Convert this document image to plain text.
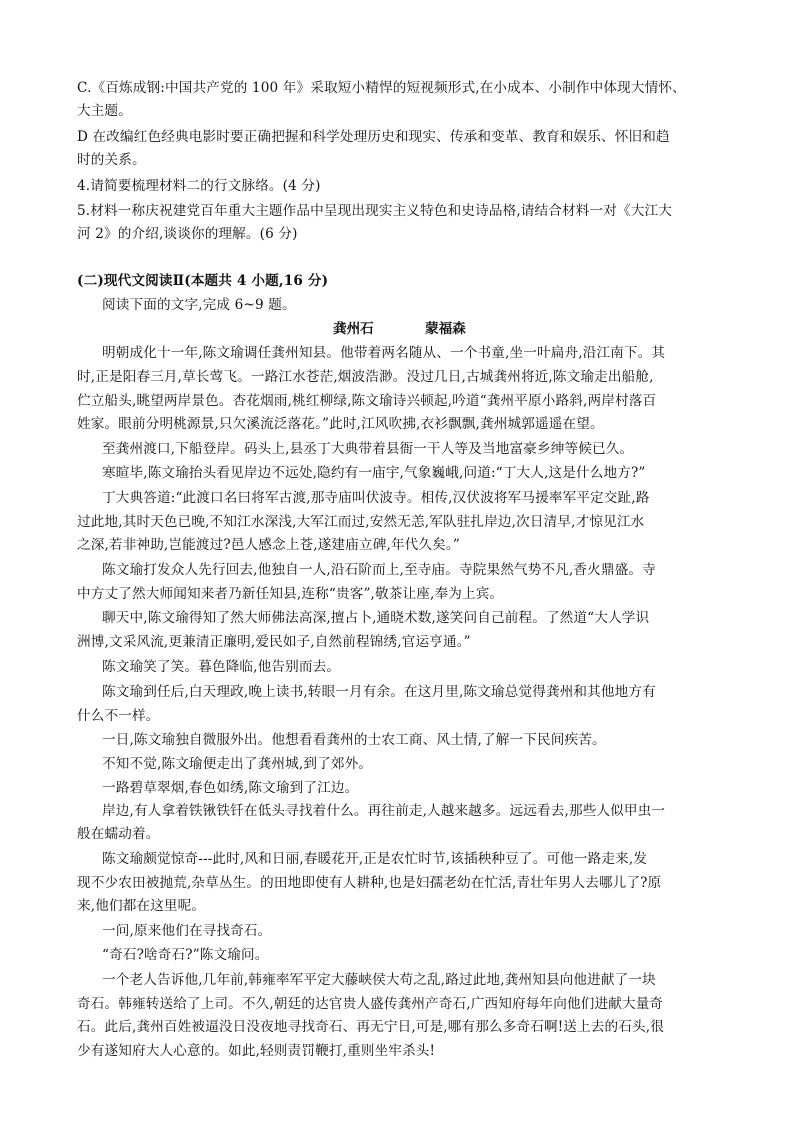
C.《百炼成钢:中国共产党的 100 年》采取短小精悍的短视频形式,在小成本、小制作中体现大情怀、
大主题。
D 在改编红色经典电影时要正确把握和科学处理历史和现实、传承和变革、教育和娱乐、怀旧和趋
时的关系。
4.请简要梳理材料二的行文脉络。(4 分)
5.材料一称庆祝建党百年重大主题作品中呈现出现实主义特色和史诗品格,请结合材料一对《大江大
河 2》的介绍,谈谈你的理解。(6 分)
(二)现代文阅读Ⅱ(本题共 4 小题,16 分)
阅读下面的文字,完成 6~9 题。
龚州石	蒙福森
明朝成化十一年,陈文瑜调任龚州知县。他带着两名随从、一个书童,坐一叶扁舟,沿江南下。其
时,正是阳春三月,草长莺飞。一路江水苍茫,烟波浩渺。没过几日,古城龚州将近,陈文瑜走出船舱,
伫立船头,眺望两岸景色。杏花烟雨,桃红柳绿,陈文瑜诗兴顿起,吟道“龚州平原小路斜,两岸村落百
姓家。眼前分明桃源景,只欠溪流泛落花。”此时,江风吹拂,衣衫飘飘,龚州城郭遥遥在望。
至龚州渡口,下船登岸。码头上,县丞丁大典带着县衙一干人等及当地富豪乡绅等候已久。
寒暄毕,陈文瑜抬头看见岸边不远处,隐约有一庙宇,气象巍峨,问道:“丁大人,这是什么地方?”
丁大典答道:“此渡口名曰将军古渡,那寺庙叫伏波寺。相传,汉伏波将军马援率军平定交趾,路
过此地,其时天色已晚,不知江水深浅,大军江而过,安然无恙,军队驻扎岸边,次日清早,才惊见江水
之深,若非神助,岂能渡过?邑人感念上苍,遂建庙立碑,年代久矣。”
陈文瑜打发众人先行回去,他独自一人,沿石阶而上,至寺庙。寺院果然气势不凡,香火鼎盛。寺
中方丈了然大师闻知来者乃新任知县,连称“贵客”,敬茶让座,奉为上宾。
聊天中,陈文瑜得知了然大师佛法高深,擅占卜,通晓术数,遂笑问自己前程。了然道“大人学识
洲博,文采风流,更兼清正廉明,爱民如子,自然前程锦绣,官运亨通。”
陈文瑜笑了笑。暮色降临,他告别而去。
陈文瑜到任后,白天理政,晚上读书,转眼一月有余。在这月里,陈文瑜总觉得龚州和其他地方有
什么不一样。
一日,陈文瑜独自微服外出。他想看看龚州的士农工商、风土情,了解一下民间疾苦。
不知不觉,陈文瑜便走出了龚州城,到了郊外。
一路碧草翠烟,春色如绣,陈文瑜到了江边。
岸边,有人拿着铁锹铁钎在低头寻找着什么。再往前走,人越来越多。远远看去,那些人似甲虫一
般在蠕动着。
陈文瑜颇觉惊奇---此时,风和日丽,春暖花开,正是农忙时节,该插秧种豆了。可他一路走来,发
现不少农田被抛荒,杂草丛生。的田地即使有人耕种,也是妇孺老幼在忙活,青壮年男人去哪儿了?原
来,他们都在这里呢。
一问,原来他们在寻找奇石。
“奇石?啥奇石?”陈文瑜问。
一个老人告诉他,几年前,韩雍率军平定大藤峡侯大苟之乱,路过此地,龚州知县向他进献了一块
奇石。韩雍转送给了上司。不久,朝廷的达官贵人盛传龚州产奇石,广西知府每年向他们进献大量奇
石。此后,龚州百姓被逼没日没夜地寻找奇石、再无宁日,可是,哪有那么多奇石啊!送上去的石头,很
少有遂知府大人心意的。如此,轻则责罚鞭打,重则坐牢杀头!
